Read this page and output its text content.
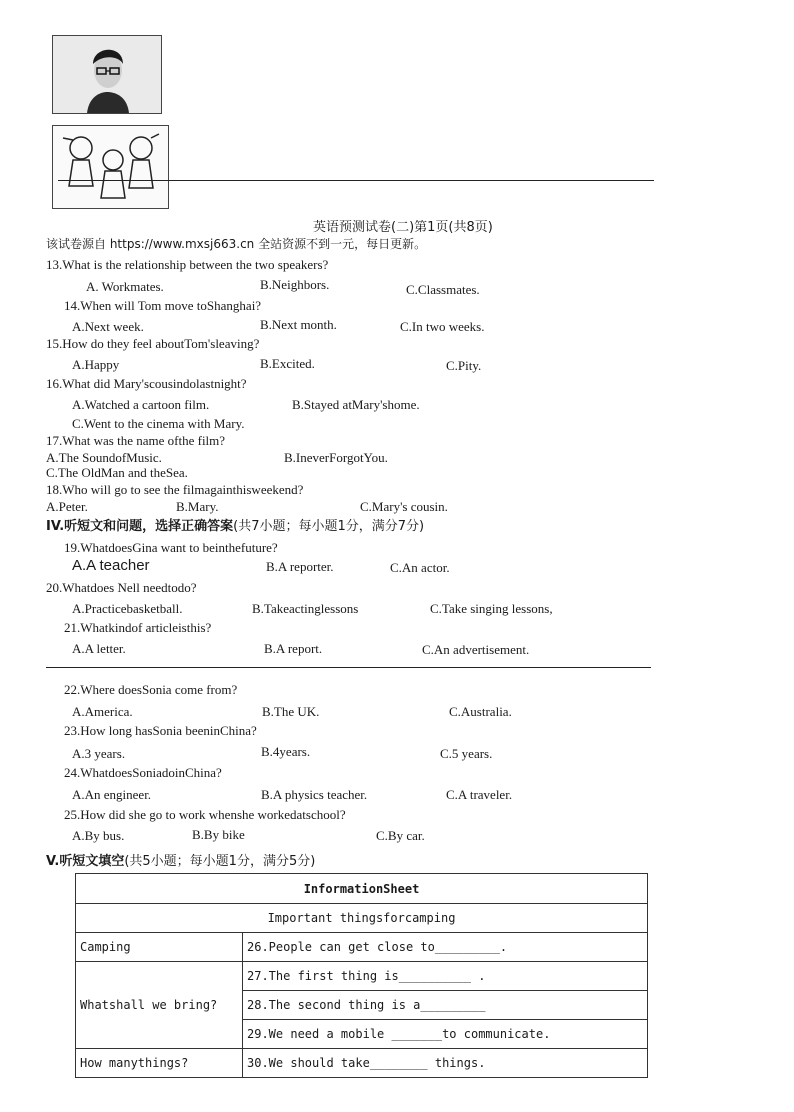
英语预测试卷(二)第1页(共8页)
该试卷源自 https://www.mxsj663.cn 全站资源不到一元，每日更新。
13.What is the relationship between the two speakers?
A. Workmates.	B.Neighbors.	C.Classmates.
14.When will Tom move toShanghai?
A.Next week.	B.Next month.	C.In two weeks.
15.How do they feel aboutTom'sleaving?
A.Happy	B.Excited.	C.Pity.
16.What did Mary'scousindolastnight?
A.Watched a cartoon film.	B.Stayed atMary'shome.
C.Went to the cinema with Mary.
17.What was the name ofthe film?
A.The SoundofMusic.	B.IneverForgotYou.
C.The OldMan and theSea.
18.Who will go to see the filmagainthisweekend?
A.Peter.	B.Mary.	C.Mary's cousin.
IV.听短文和问题，选择正确答案(共7小题；每小题1分，满分7分)
19.WhatdoesGina want to beinthefuture?
A.A teacher	B.A reporter.	C.An actor.
20.Whatdoes Nell needtodo?
A.Practicebasketball.	B.Takeactinglessons	C.Take singing lessons,
21.Whatkindof articleisthis?
A.A letter.	B.A report.	C.An advertisement.
22.Where doesSonia come from?
A.America.	B.The UK.	C.Australia.
23.How long hasSonia beeninChina?
A.3 years.	B.4years.	C.5 years.
24.WhatdoesSoniadoinChina?
A.An engineer.	B.A physics teacher.	C.A traveler.
25.How did she go to work whenshe workedatschool?
A.By bus.	B.By bike	C.By car.
V.听短文填空(共5小题；每小题1分，满分5分)
InformationSheet	
Important thingsforcamping	
Camping	26.People can get close to_________.
Whatshall we bring?	27.The first thing is__________ .
	28.The second thing is a_________
	29.We need a mobile _______to communicate.
How manythings?	30.We should take________ things.
